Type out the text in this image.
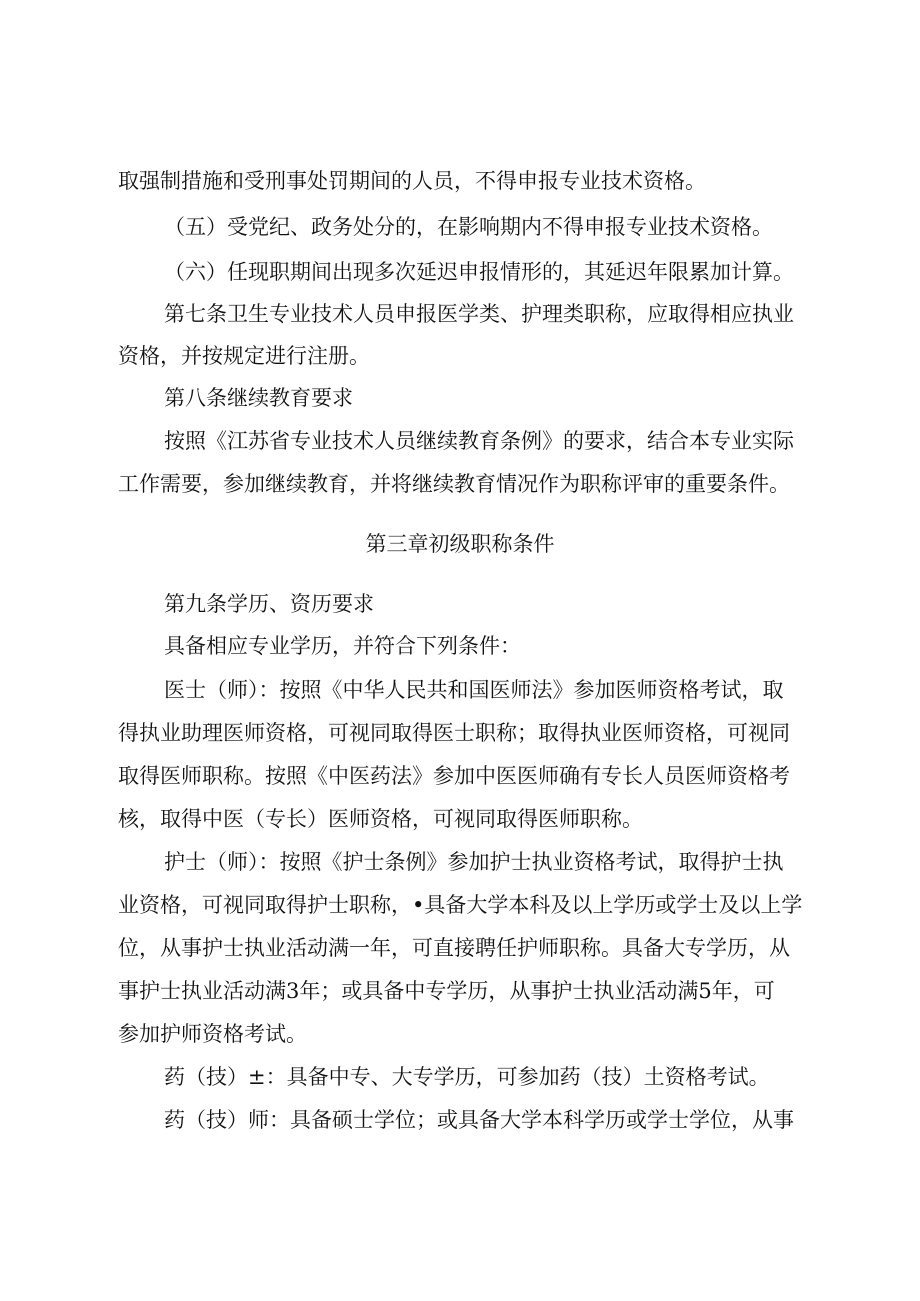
取强制措施和受刑事处罚期间的人员，不得申报专业技术资格。
（五）受党纪、政务处分的，在影响期内不得申报专业技术资格。
（六）任现职期间出现多次延迟申报情形的，其延迟年限累加计算。
第七条卫生专业技术人员申报医学类、护理类职称，应取得相应执业
资格，并按规定进行注册。
第八条继续教育要求
按照《江苏省专业技术人员继续教育条例》的要求，结合本专业实际
工作需要，参加继续教育，并将继续教育情况作为职称评审的重要条件。
第三章初级职称条件
第九条学历、资历要求
具备相应专业学历，并符合下列条件：
医士（师）：按照《中华人民共和国医师法》参加医师资格考试，取
得执业助理医师资格，可视同取得医士职称；取得执业医师资格，可视同
取得医师职称。按照《中医药法》参加中医医师确有专长人员医师资格考
核，取得中医（专长）医师资格，可视同取得医师职称。
护士（师）：按照《护士条例》参加护士执业资格考试，取得护士执
业资格，可视同取得护士职称，•具备大学本科及以上学历或学士及以上学
位，从事护士执业活动满一年，可直接聘任护师职称。具备大专学历，从
事护士执业活动满3年；或具备中专学历，从事护士执业活动满5年，可
参加护师资格考试。
药（技）±：具备中专、大专学历，可参加药（技）土资格考试。
药（技）师：具备硕士学位；或具备大学本科学历或学士学位，从事
